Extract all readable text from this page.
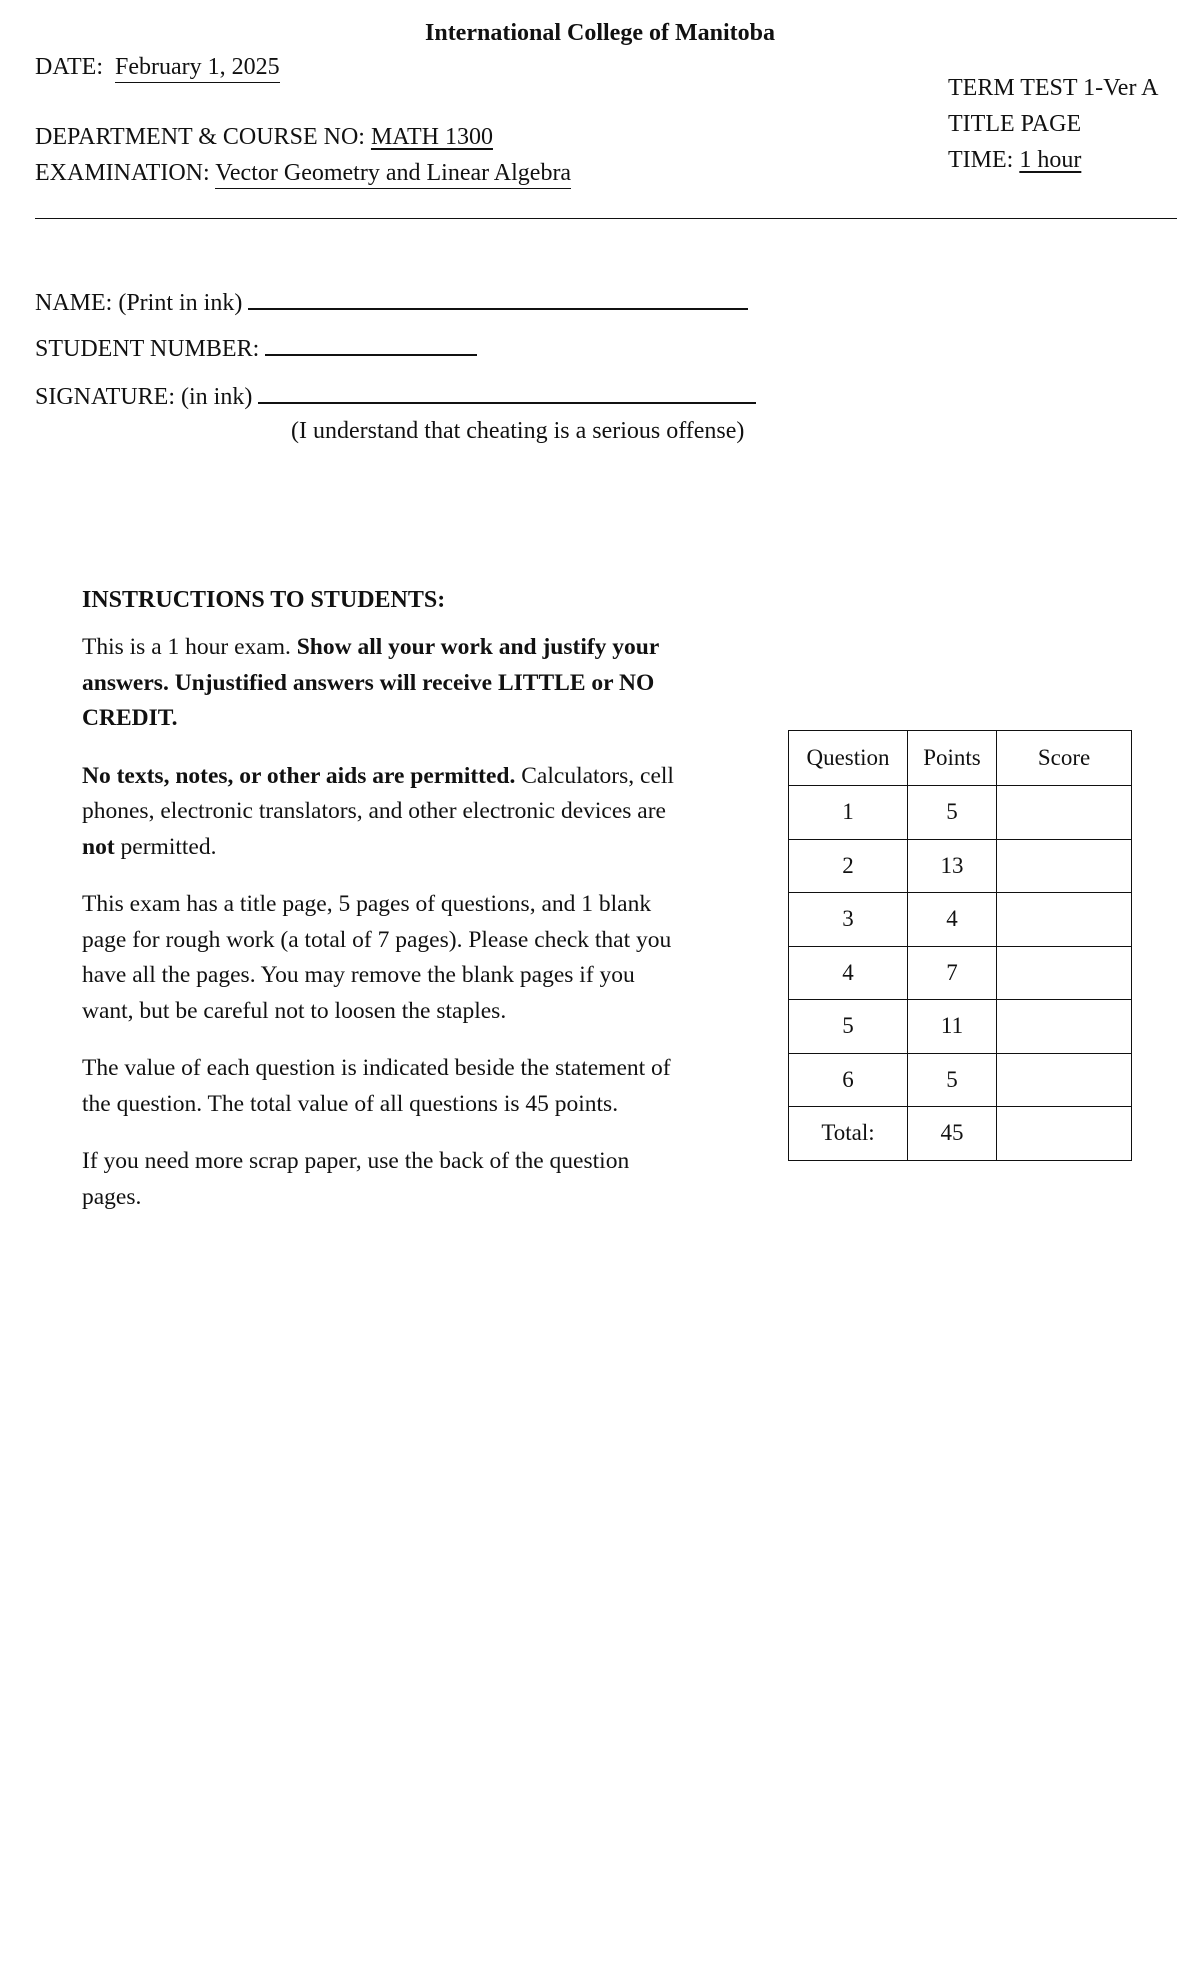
International College of Manitoba
DATE: February 1, 2025
DEPARTMENT & COURSE NO: MATH 1300
EXAMINATION: Vector Geometry and Linear Algebra
TERM TEST 1-Ver A
TITLE PAGE
TIME: 1 hour
NAME: (Print in ink)
STUDENT NUMBER:
SIGNATURE: (in ink)
(I understand that cheating is a serious offense)
INSTRUCTIONS TO STUDENTS:

This is a 1 hour exam. Show all your work and justify your answers. Unjustified answers will receive LITTLE or NO CREDIT.

No texts, notes, or other aids are permitted. Calculators, cell phones, electronic translators, and other electronic devices are not permitted.

This exam has a title page, 5 pages of questions, and 1 blank page for rough work (a total of 7 pages). Please check that you have all the pages. You may remove the blank pages if you want, but be careful not to loosen the staples.

The value of each question is indicated beside the statement of the question. The total value of all questions is 45 points.

If you need more scrap paper, use the back of the question pages.

Question	Points	Score
1	5	
2	13	
3	4	
4	7	
5	11	
6	5	
Total:	45	
